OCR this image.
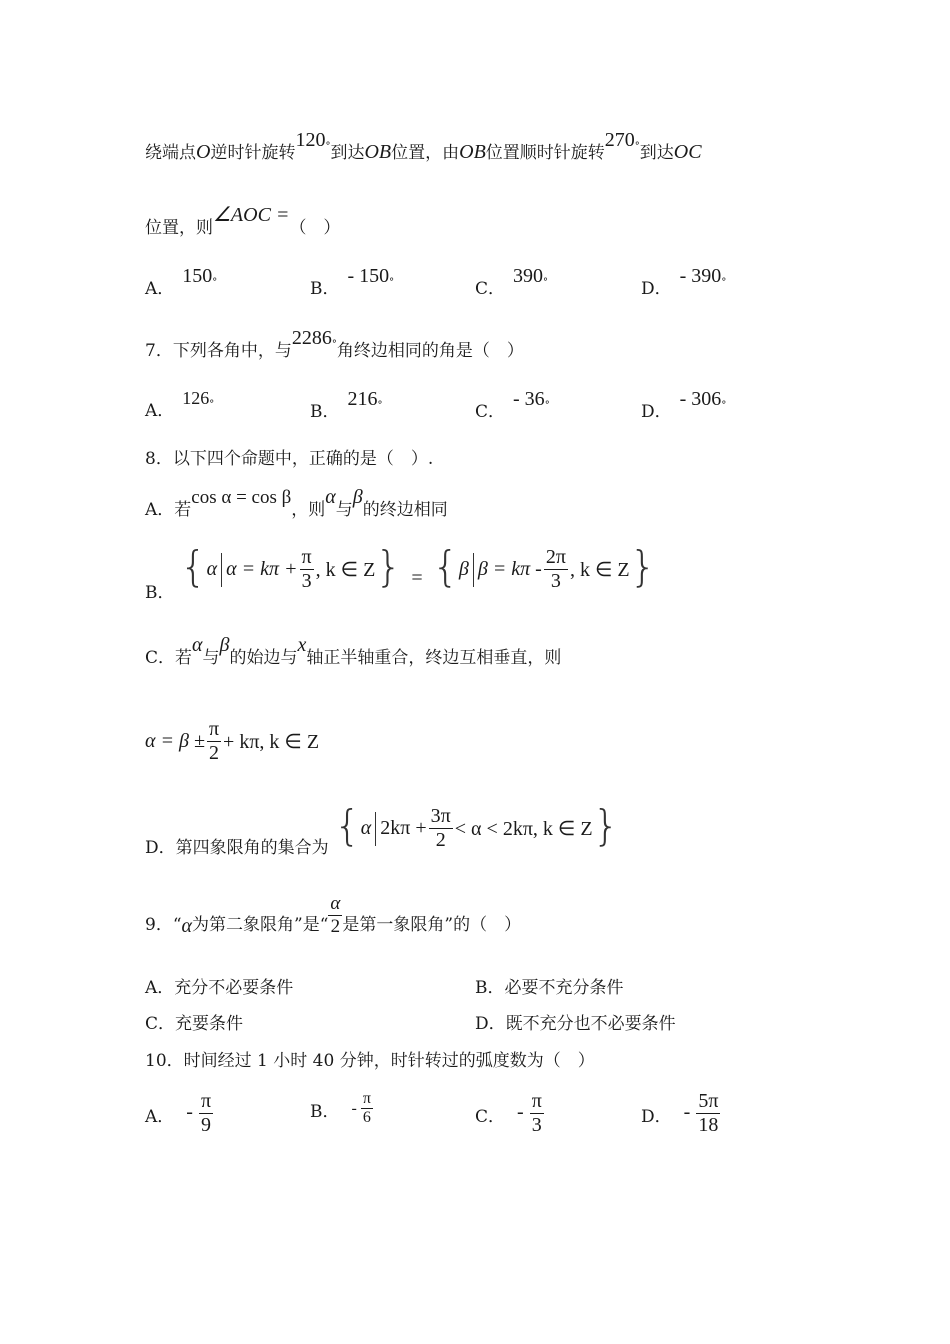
绕端点O逆时针旋转120°到达OB位置，由OB位置顺时针旋转270°到达OC
位置，则∠AOC =（　）
A．150°	B．- 150°	C．390°	D．- 390°
7．下列各角中，与2286°角终边相同的角是（　）
A．126°	B．216°	C．- 36°	D．- 306°
8．以下四个命题中，正确的是（　）.
A．若cos α = cos β，则α与β的终边相同
B．
{ α $\alpha = k\pi + \frac{\pi}{3}$ , k ∈ Z } = { β $\beta = k\pi - \frac{2\pi}{3}$ , k ∈ Z }
C．若α与β的始边与x轴正半轴重合，终边互相垂直，则
$\alpha = \beta \pm \frac{\pi}{2} + k\pi$, k ∈ Z
D．第四象限角的集合为 { α $2k\pi + \frac{3\pi}{2} < \alpha < 2k\pi$, k ∈ Z }
9．“α为第二象限角”是“ $\frac{\alpha}{2}$ 是第一象限角”的（　）
A．充分不必要条件	B．必要不充分条件
C．充要条件	D．既不充分也不必要条件
10．时间经过 1 小时 40 分钟，时针转过的弧度数为（　）
A． - $\frac{\pi}{9}$	B． - $\frac{\pi}{6}$	C． - $\frac{\pi}{3}$	D． - $\frac{5\pi}{18}$
